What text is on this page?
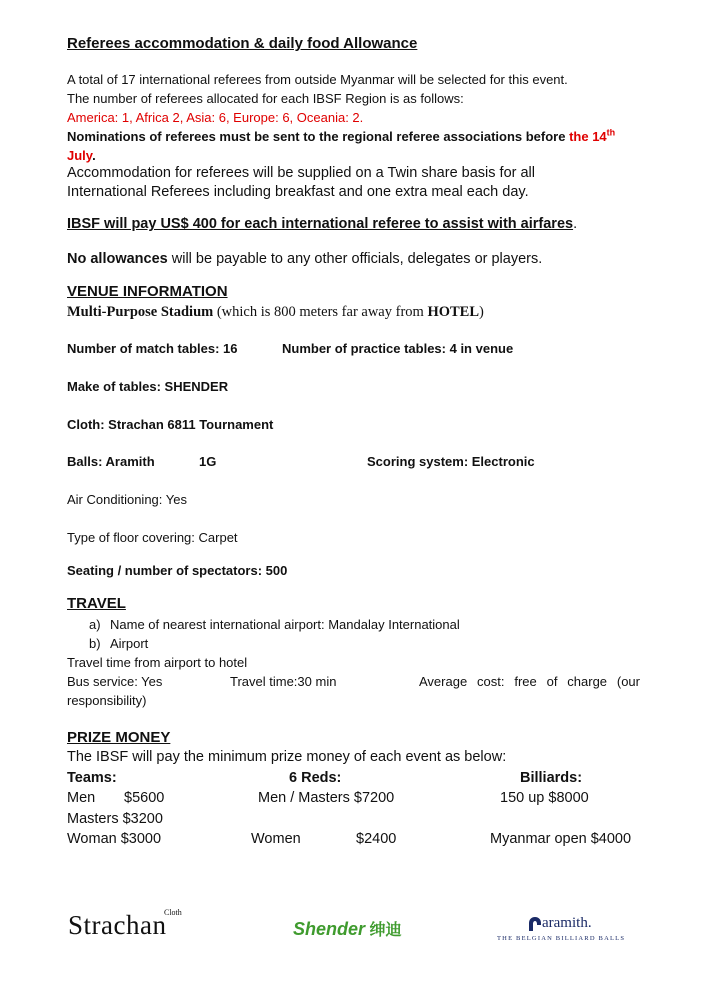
Referees accommodation & daily food Allowance
A total of 17 international referees from outside Myanmar will be selected for this event.
The number of referees allocated for each IBSF Region is as follows:
America: 1, Africa 2, Asia: 6, Europe: 6, Oceania: 2.
Nominations of referees must be sent to the regional referee associations before the 14th
July.
Accommodation for referees will be supplied on a Twin share basis for all
International Referees including breakfast and one extra meal each day.
IBSF will pay US$ 400 for each international referee to assist with airfares.
No allowances will be payable to any other officials, delegates or players.
VENUE INFORMATION
Multi-Purpose Stadium (which is 800 meters far away from HOTEL)
Number of match tables: 16	Number of practice tables: 4 in venue
Make of tables: SHENDER
Cloth: Strachan 6811 Tournament
Balls: Aramith	1G	Scoring system: Electronic
Air Conditioning: Yes
Type of floor covering: Carpet
Seating / number of spectators: 500
TRAVEL
a) Name of nearest international airport: Mandalay International
b) Airport
Travel time from airport to hotel
Bus service: Yes	Travel time:30 min	Average cost: free of charge (our
responsibility)
PRIZE MONEY
The IBSF will pay the minimum prize money of each event as below:
Teams:	6 Reds:	Billiards:
Men $5600	Men / Masters $7200	150 up $8000
Masters $3200
Woman $3000	Women	$2400	Myanmar open $4000
Strachan
Cloth
Shender 绅迪	aramith.
THE BELGIAN BILLIARD BALLS
